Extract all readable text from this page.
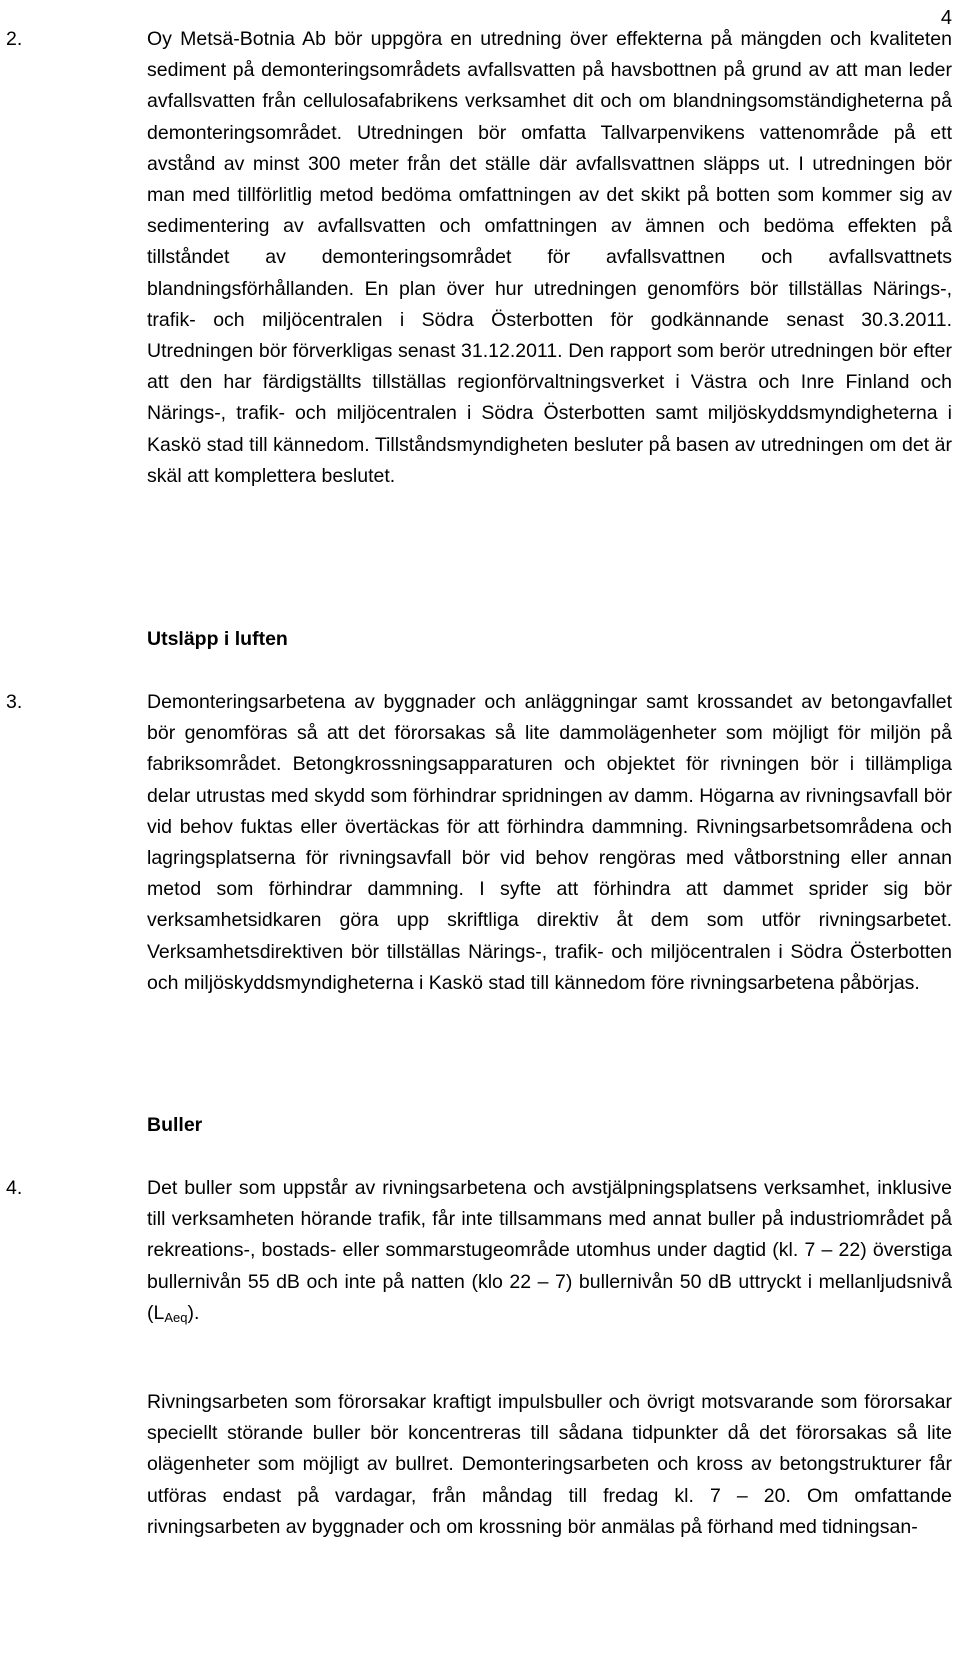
4
2.	Oy Metsä-Botnia Ab bör uppgöra en utredning över effekterna på mängden och kvaliteten sediment på demonteringsområdets avfallsvatten på havsbottnen på grund av att man leder avfallsvatten från cellulosafabrikens verksamhet dit och om blandningsomständigheterna på demonteringsområdet. Utredningen bör omfatta Tallvarpenvikens vattenområde på ett avstånd av minst 300 meter från det ställe där avfallsvattnen släpps ut. I utredningen bör man med tillförlitlig metod bedöma omfattningen av det skikt på botten som kommer sig av sedimentering av avfallsvatten och omfattningen av ämnen och bedöma effekten på tillståndet av demonteringsområdet för avfallsvattnen och avfallsvattnets blandningsförhållanden. En plan över hur utredningen genomförs bör tillställas Närings-, trafik- och miljöcentralen i Södra Österbotten för godkännande senast 30.3.2011. Utredningen bör förverkligas senast 31.12.2011. Den rapport som berör utredningen bör efter att den har färdigställts tillställas regionförvaltningsverket i Västra och Inre Finland och Närings-, trafik- och miljöcentralen i Södra Österbotten samt miljöskyddsmyndigheterna i Kaskö stad till kännedom. Tillståndsmyndigheten besluter på basen av utredningen om det är skäl att komplettera beslutet.

Utsläpp i luften
3.	Demonteringsarbetena av byggnader och anläggningar samt krossandet av betongavfallet bör genomföras så att det förorsakas så lite dammolägenheter som möjligt för miljön på fabriksområdet. Betongkrossningsapparaturen och objektet för rivningen bör i tillämpliga delar utrustas med skydd som förhindrar spridningen av damm. Högarna av rivningsavfall bör vid behov fuktas eller övertäckas för att förhindra dammning. Rivningsarbetsområdena och lagringsplatserna för rivningsavfall bör vid behov rengöras med våtborstning eller annan metod som förhindrar dammning. I syfte att förhindra att dammet sprider sig bör verksamhetsidkaren göra upp skriftliga direktiv åt dem som utför rivningsarbetet. Verksamhetsdirektiven bör tillställas Närings-, trafik- och miljöcentralen i Södra Österbotten och miljöskyddsmyndigheterna i Kaskö stad till kännedom före rivningsarbetena påbörjas.

Buller
4.	Det buller som uppstår av rivningsarbetena och avstjälpningsplatsens verksamhet, inklusive till verksamheten hörande trafik, får inte tillsammans med annat buller på industriområdet på rekreations-, bostads- eller sommarstugeområde utomhus under dagtid (kl. 7 – 22) överstiga bullernivån 55 dB och inte på natten (klo 22 – 7) bullernivån 50 dB uttryckt i mellanljudsnivå $(L_{Aeq})$.

Rivningsarbeten som förorsakar kraftigt impulsbuller och övrigt motsvarande som förorsakar speciellt störande buller bör koncentreras till sådana tidpunkter då det förorsakas så lite olägenheter som möjligt av bullret. Demonteringsarbeten och kross av betongstrukturer får utföras endast på vardagar, från måndag till fredag kl. 7 – 20. Om omfattande rivningsarbeten av byggnader och om krossning bör anmälas på förhand med tidningsan-
